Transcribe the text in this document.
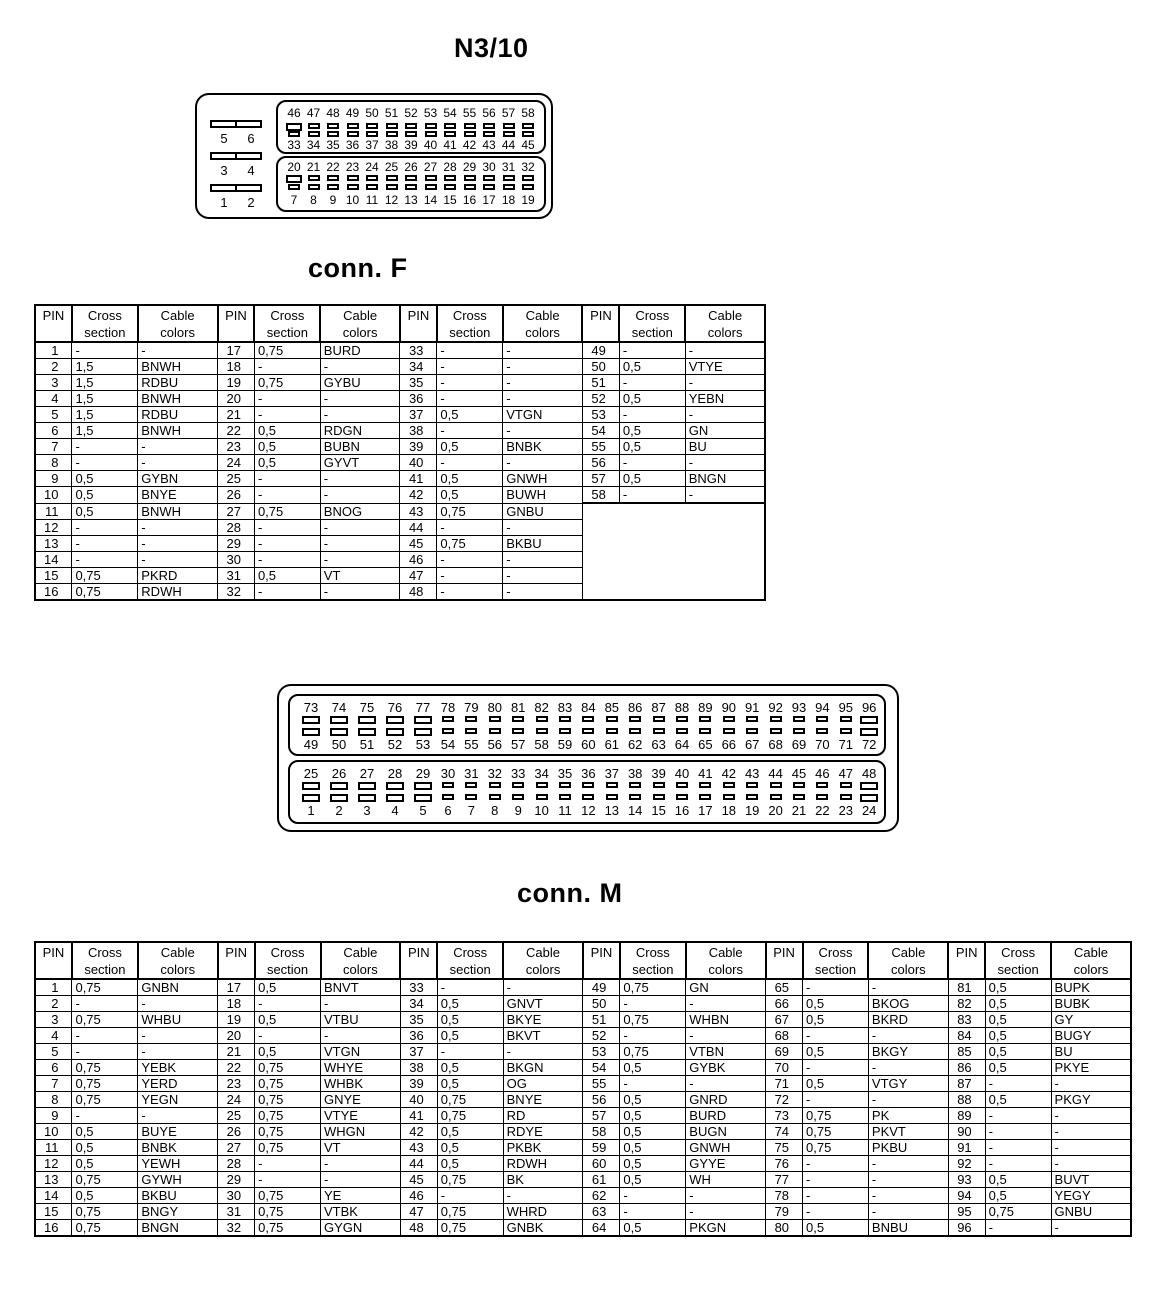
N3/10
conn. F
conn. M
5	6
3	4
1	2
46 47 48 49 50 51 52 53 54 55 56 57 58
33 34 35 36 37 38 39 40 41 42 43 44 45
20 21 22 23 24 25 26 27 28 29 30 31 32
7	8	9 10 11 12 13 14 15 16 17 18 19
PIN	Cross section	Cable colors	PIN	Cross section	Cable colors	PIN	Cross section	Cable colors	PIN	Cross section	Cable colors
1	-	-	17	0,75	BURD	33	-	-	49	-	-
2	1,5	BNWH	18	-	-	34	-	-	50	0,5	VTYE
3	1,5	RDBU	19	0,75	GYBU	35	-	-	51	-	-
4	1,5	BNWH	20	-	-	36	-	-	52	0,5	YEBN
5	1,5	RDBU	21	-	-	37	0,5	VTGN	53	-	-
6	1,5	BNWH	22	0,5	RDGN	38	-	-	54	0,5	GN
7	-	-	23	0,5	BUBN	39	0,5	BNBK	55	0,5	BU
8	-	-	24	0,5	GYVT	40	-	-	56	-	-
9	0,5	GYBN	25	-	-	41	0,5	GNWH	57	0,5	BNGN
10	0,5	BNYE	26	-	-	42	0,5	BUWH	58	-	-
11	0,5	BNWH	27	0,75	BNOG	43	0,75	GNBU			
12	-	-	28	-	-	44	-	-			
13	-	-	29	-	-	45	0,75	BKBU			
14	-	-	30	-	-	46	-	-			
15	0,75	PKRD	31	0,5	VT	47	-	-			
16	0,75	RDWH	32	-	-	48	-	-			
73	74	75	76	77 78 79 80 81 82 83 84 85 86 87 88 89 90 91 92 93 94 95 96
49	50	51	52	53 54 55 56 57 58 59 60 61 62 63 64 65 66 67 68 69 70 71 72
25	26	27	28	29 30 31 32 33 34 35 36 37 38 39 40 41 42 43 44 45 46 47 48
1	2	3	4	5	6	7	8	9 10 11 12 13 14 15 16 17 18 19 20 21 22 23 24
PIN	Cross section	Cable colors	PIN	Cross section	Cable colors	PIN	Cross section	Cable colors	PIN	Cross section	Cable colors	PIN	Cross section	Cable colors	PIN	Cross section	Cable colors
1	0,75	GNBN	17	0,5	BNVT	33	-	-	49	0,75	GN	65	-	-	81	0,5	BUPK
2	-	-	18	-	-	34	0,5	GNVT	50	-	-	66	0,5	BKOG	82	0,5	BUBK
3	0,75	WHBU	19	0,5	VTBU	35	0,5	BKYE	51	0,75	WHBN	67	0,5	BKRD	83	0,5	GY
4	-	-	20	-	-	36	0,5	BKVT	52	-	-	68	-	-	84	0,5	BUGY
5	-	-	21	0,5	VTGN	37	-	-	53	0,75	VTBN	69	0,5	BKGY	85	0,5	BU
6	0,75	YEBK	22	0,75	WHYE	38	0,5	BKGN	54	0,5	GYBK	70	-	-	86	0,5	PKYE
7	0,75	YERD	23	0,75	WHBK	39	0,5	OG	55	-	-	71	0,5	VTGY	87	-	-
8	0,75	YEGN	24	0,75	GNYE	40	0,75	BNYE	56	0,5	GNRD	72	-	-	88	0,5	PKGY
9	-	-	25	0,75	VTYE	41	0,75	RD	57	0,5	BURD	73	0,75	PK	89	-	-
10	0,5	BUYE	26	0,75	WHGN	42	0,5	RDYE	58	0,5	BUGN	74	0,75	PKVT	90	-	-
11	0,5	BNBK	27	0,75	VT	43	0,5	PKBK	59	0,5	GNWH	75	0,75	PKBU	91	-	-
12	0,5	YEWH	28	-	-	44	0,5	RDWH	60	0,5	GYYE	76	-	-	92	-	-
13	0,75	GYWH	29	-	-	45	0,75	BK	61	0,5	WH	77	-	-	93	0,5	BUVT
14	0,5	BKBU	30	0,75	YE	46	-	-	62	-	-	78	-	-	94	0,5	YEGY
15	0,75	BNGY	31	0,75	VTBK	47	0,75	WHRD	63	-	-	79	-	-	95	0,75	GNBU
16	0,75	BNGN	32	0,75	GYGN	48	0,75	GNBK	64	0,5	PKGN	80	0,5	BNBU	96	-	-
